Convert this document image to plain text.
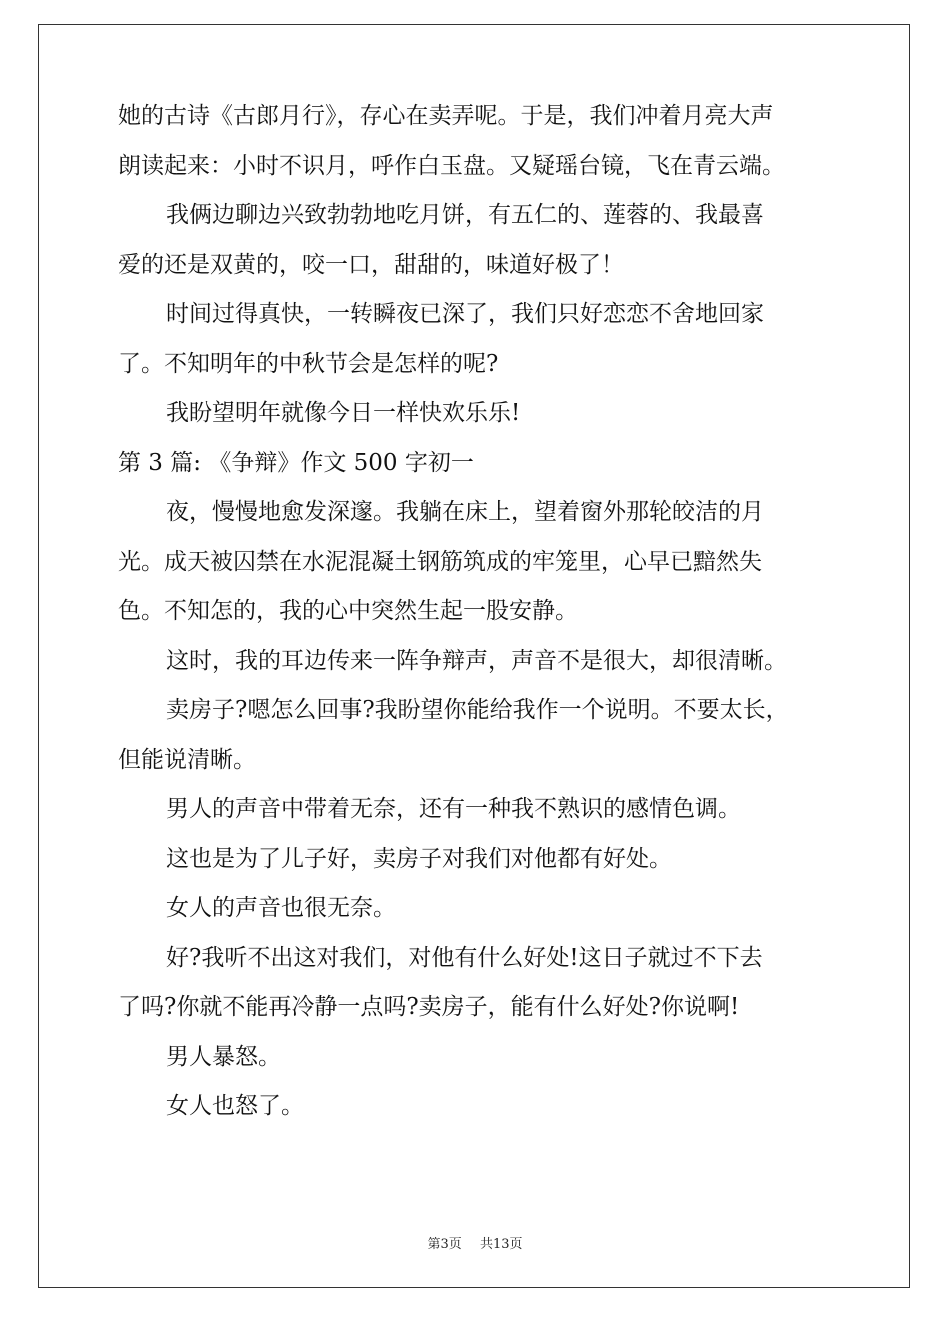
她的古诗《古郎月行》，存心在卖弄呢。于是，我们冲着月亮大声
朗读起来：小时不识月，呼作白玉盘。又疑瑶台镜，飞在青云端。
我俩边聊边兴致勃勃地吃月饼，有五仁的、莲蓉的、我最喜
爱的还是双黄的，咬一口，甜甜的，味道好极了！
时间过得真快，一转瞬夜已深了，我们只好恋恋不舍地回家
了。不知明年的中秋节会是怎样的呢?
我盼望明年就像今日一样快欢乐乐!
第 3 篇: 《争辩》作文 500 字初一
夜，慢慢地愈发深邃。我躺在床上，望着窗外那轮皎洁的月
光。成天被囚禁在水泥混凝土钢筋筑成的牢笼里，心早已黯然失
色。不知怎的，我的心中突然生起一股安静。
这时，我的耳边传来一阵争辩声，声音不是很大，却很清晰。
卖房子?嗯怎么回事?我盼望你能给我作一个说明。不要太长，
但能说清晰。
男人的声音中带着无奈，还有一种我不熟识的感情色调。
这也是为了儿子好，卖房子对我们对他都有好处。
女人的声音也很无奈。
好?我听不出这对我们，对他有什么好处!这日子就过不下去
了吗?你就不能再冷静一点吗?卖房子，能有什么好处?你说啊!
男人暴怒。
女人也怒了。
第3页 共13页
